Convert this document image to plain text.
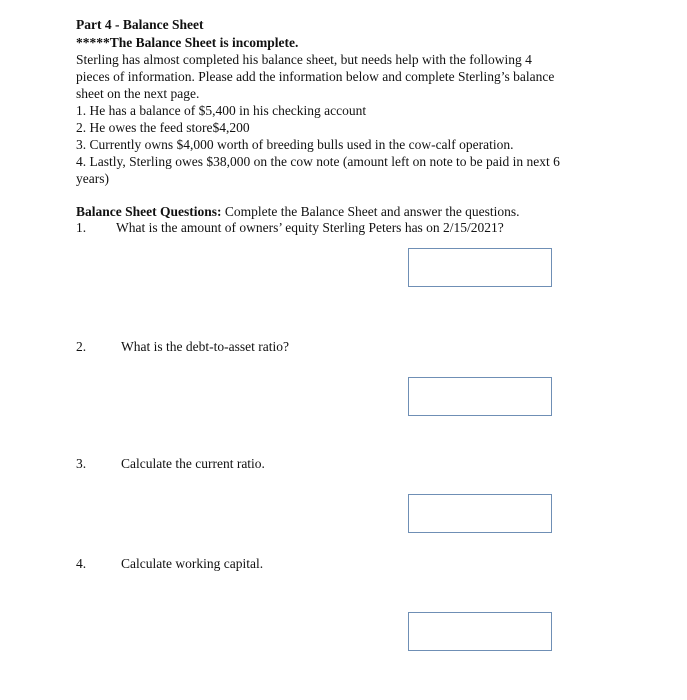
Part 4 - Balance Sheet
*****The Balance Sheet is incomplete.
Sterling has almost completed his balance sheet, but needs help with the following 4
pieces of information. Please add the information below and complete Sterling’s balance
sheet on the next page.
1. He has a balance of $5,400 in his checking account
2. He owes the feed store$4,200
3. Currently owns $4,000 worth of breeding bulls used in the cow-calf operation.
4. Lastly, Sterling owes $38,000 on the cow note (amount left on note to be paid in next 6
years)
Balance Sheet Questions: Complete the Balance Sheet and answer the questions.
1. What is the amount of owners’ equity Sterling Peters has on 2/15/2021?
2.	What is the debt-to-asset ratio?
3.	Calculate the current ratio.
4.	Calculate working capital.
